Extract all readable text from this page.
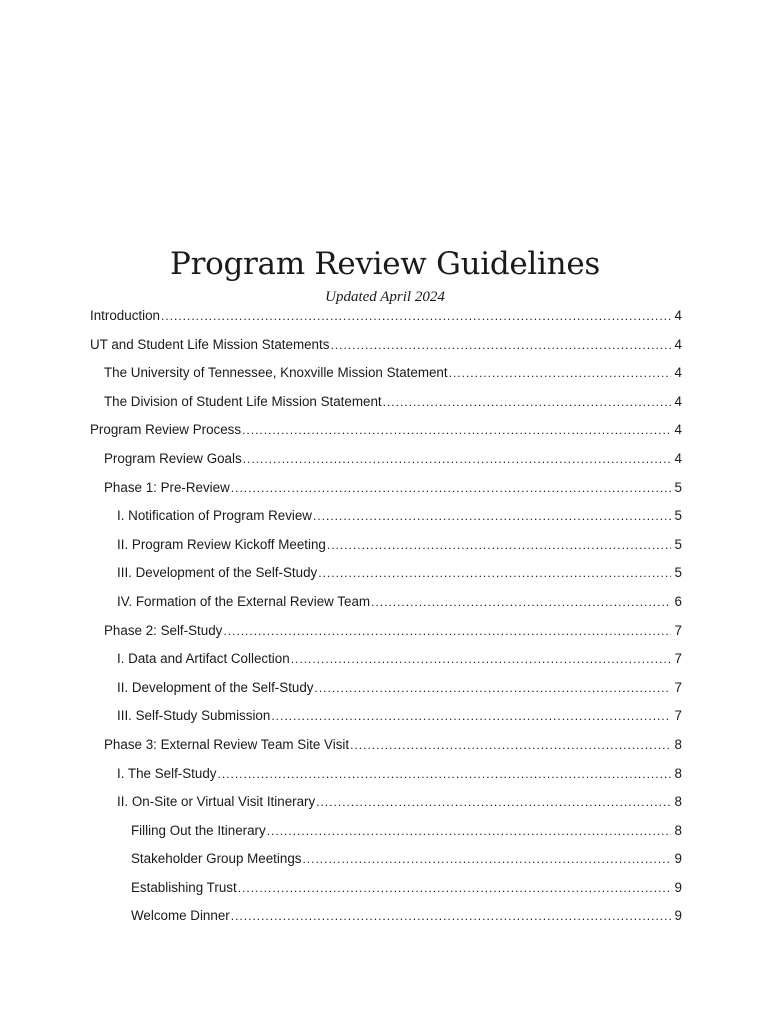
Program Review Guidelines
Updated April 2024
Introduction .....	4
UT and Student Life Mission Statements .....	4
The University of Tennessee, Knoxville Mission Statement .....	4
The Division of Student Life Mission Statement .....	4
Program Review Process .....	4
Program Review Goals .....	4
Phase 1: Pre-Review .....	5
I. Notification of Program Review .....	5
II. Program Review Kickoff Meeting .....	5
III. Development of the Self-Study .....	5
IV. Formation of the External Review Team .....	6
Phase 2: Self-Study .....	7
I. Data and Artifact Collection .....	7
II. Development of the Self-Study .....	7
III. Self-Study Submission .....	7
Phase 3: External Review Team Site Visit .....	8
I. The Self-Study .....	8
II. On-Site or Virtual Visit Itinerary .....	8
Filling Out the Itinerary .....	8
Stakeholder Group Meetings .....	9
Establishing Trust .....	9
Welcome Dinner .....	9
